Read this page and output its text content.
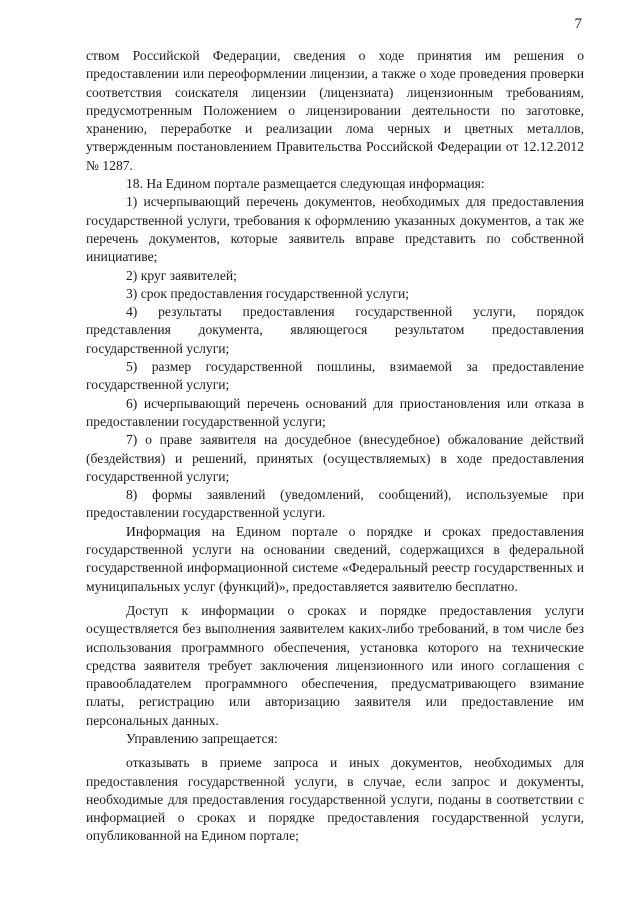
7

ством Российской Федерации, сведения о ходе принятия им решения о предоставлении или переоформлении лицензии, а также о ходе проведения проверки соответствия соискателя лицензии (лицензиата) лицензионным требованиям, предусмотренным Положением о лицензировании деятельности по заготовке, хранению, переработке и реализации лома черных и цветных металлов, утвержденным постановлением Правительства Российской Федерации от 12.12.2012 № 1287.

18. На Едином портале размещается следующая информация:

1) исчерпывающий перечень документов, необходимых для предоставления государственной услуги, требования к оформлению указанных документов, а так же перечень документов, которые заявитель вправе представить по собственной инициативе;

2) круг заявителей;

3) срок предоставления государственной услуги;

4) результаты предоставления государственной услуги, порядок представления документа, являющегося результатом предоставления государственной услуги;

5) размер государственной пошлины, взимаемой за предоставление государственной услуги;

6) исчерпывающий перечень оснований для приостановления или отказа в предоставлении государственной услуги;

7) о праве заявителя на досудебное (внесудебное) обжалование действий (бездействия) и решений, принятых (осуществляемых) в ходе предоставления государственной услуги;

8) формы заявлений (уведомлений, сообщений), используемые при предоставлении государственной услуги.

Информация на Едином портале о порядке и сроках предоставления государственной услуги на основании сведений, содержащихся в федеральной государственной информационной системе «Федеральный реестр государственных и муниципальных услуг (функций)», предоставляется заявителю бесплатно.

Доступ к информации о сроках и порядке предоставления услуги осуществляется без выполнения заявителем каких-либо требований, в том числе без использования программного обеспечения, установка которого на технические средства заявителя требует заключения лицензионного или иного соглашения с правообладателем программного обеспечения, предусматривающего взимание платы, регистрацию или авторизацию заявителя или предоставление им персональных данных.

Управлению запрещается:

отказывать в приеме запроса и иных документов, необходимых для предоставления государственной услуги, в случае, если запрос и документы, необходимые для предоставления государственной услуги, поданы в соответствии с информацией о сроках и порядке предоставления государственной услуги, опубликованной на Едином портале;
